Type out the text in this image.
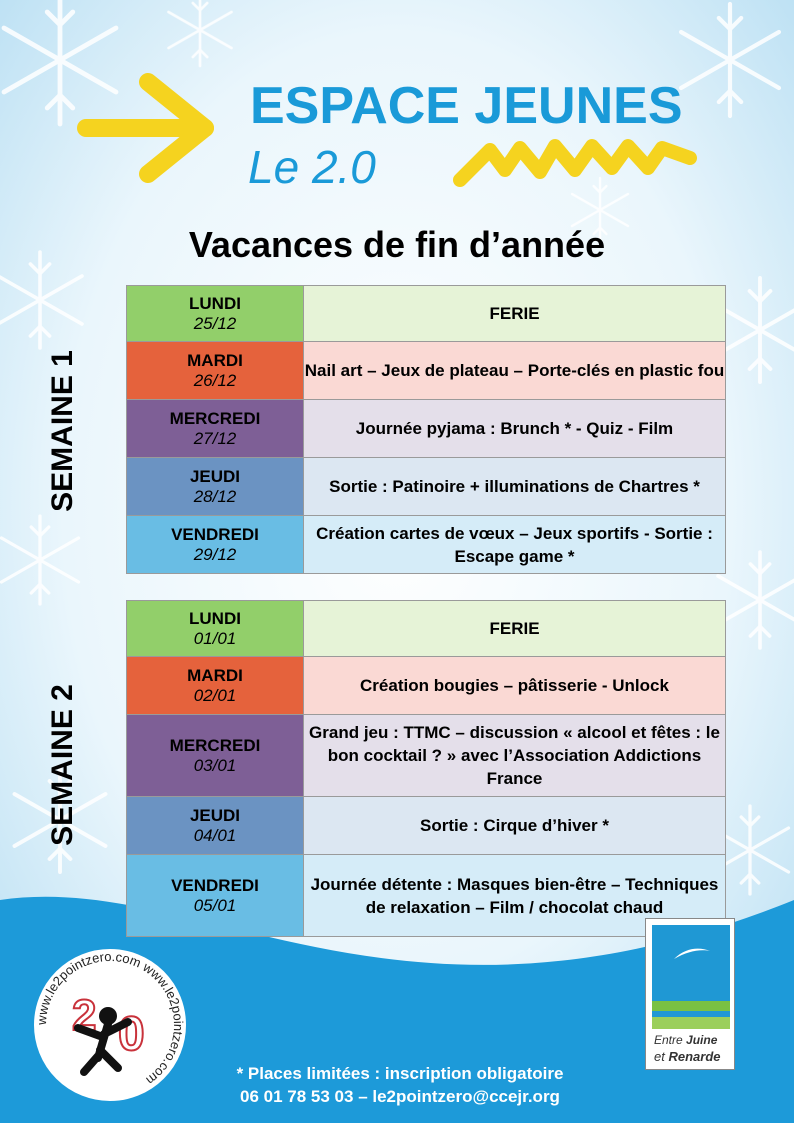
2 0
www.le2pointzero.com www.le2pointzero.com
ESPACE JEUNES
Le 2.0
Vacances de fin d’année
SEMAINE 1
SEMAINE 2
LUNDI
25/12	FERIE

MARDI
26/12	Nail art – Jeux de plateau – Porte-clés en plastic fou

MERCREDI
27/12	Journée pyjama : Brunch * - Quiz - Film

JEUDI
28/12	Sortie : Patinoire + illuminations de Chartres *

VENDREDI
29/12	Création cartes de vœux – Jeux sportifs - Sortie : Escape game *
LUNDI
01/01	FERIE

MARDI
02/01	Création bougies – pâtisserie - Unlock

MERCREDI
03/01	Grand jeu : TTMC – discussion « alcool et fêtes : le bon cocktail ? » avec l’Association Addictions France

JEUDI
04/01	Sortie : Cirque d’hiver *

VENDREDI
05/01	Journée détente : Masques bien-être – Techniques de relaxation – Film / chocolat chaud
* Places limitées : inscription obligatoire
06 01 78 53 03 – le2pointzero@ccejr.org
Communauté de communes
Entre Juine
et Renarde
